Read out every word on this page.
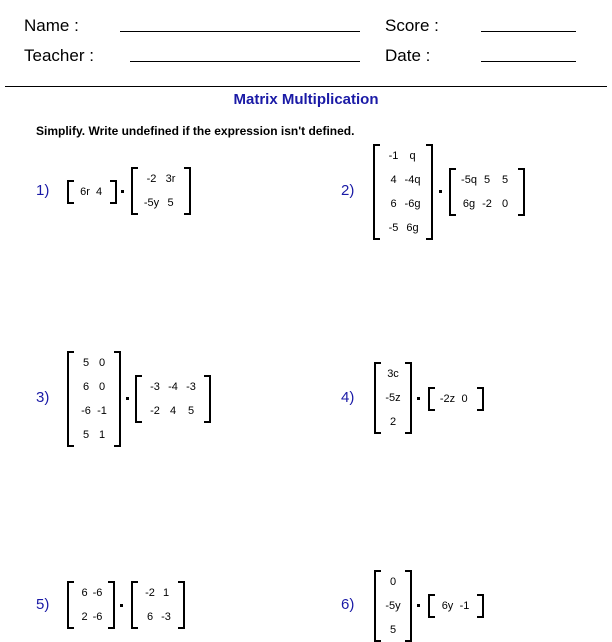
Name :
Teacher :
Score :
Date :
Matrix Multiplication
Simplify. Write undefined if the expression isn't defined.
1)	6r 4
-2 3r
-5y 5
2)
-1 q
4 -4q
6 -6g
-5 6g
-5q 5 5
6g -2 0
3)
5 0
6 0
-6 -1
5 1
-3 -4 -3
-2 4 5
4)
3c
-5z
2
-2z 0
5)
6 -6
2 -6
-2 1
6 -3
6)
0
-5y
5
6y -1
